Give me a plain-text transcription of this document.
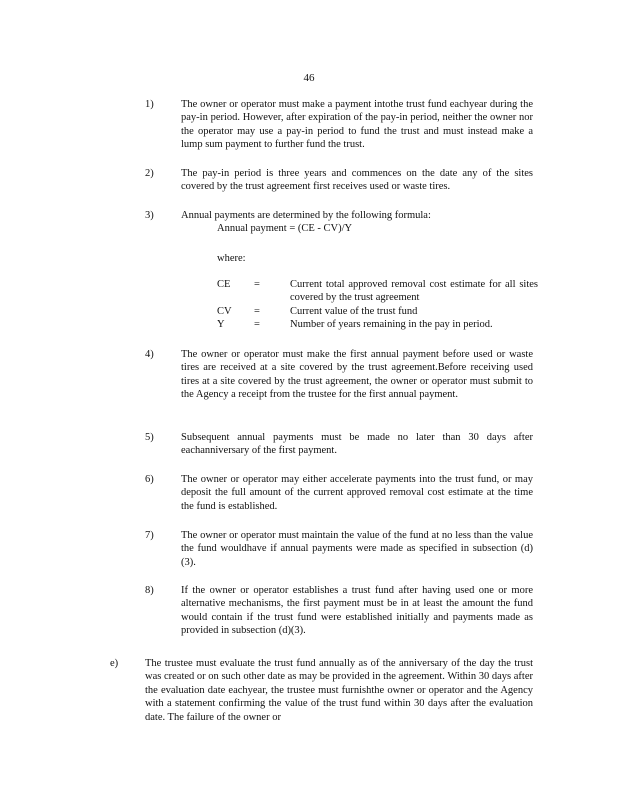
46
1)	The owner or operator must make a payment intothe trust fund eachyear during the pay-in period. However, after expiration of the pay-in period, neither the owner nor the operator may use a pay-in period to fund the trust and must instead make a lump sum payment to further fund the trust.
2)	The pay-in period is three years and commences on the date any of the sites covered by the trust agreement first receives used or waste tires.
3)	Annual payments are determined by the following formula:
Annual payment = (CE - CV)/Y
where:
CE =	Current total approved removal cost estimate for all sites covered by the trust agreement
CV =	Current value of the trust fund
Y	=	Number of years remaining in the pay in period.
4)	The owner or operator must make the first annual payment before used or waste tires are received at a site covered by the trust agreement.Before receiving used tires at a site covered by the trust agreement, the owner or operator must submit to the Agency a receipt from the trustee for the first annual payment.
5)	Subsequent annual payments must be made no later than 30 days after eachanniversary of the first payment.
6)	The owner or operator may either accelerate payments into the trust fund, or may deposit the full amount of the current approved removal cost estimate at the time the fund is established.
7)	The owner or operator must maintain the value of the fund at no less than the value the fund wouldhave if annual payments were made as specified in subsection (d)(3).
8)	If the owner or operator establishes a trust fund after having used one or more alternative mechanisms, the first payment must be in at least the amount the fund would contain if the trust fund were established initially and payments made as provided in subsection (d)(3).
e)	The trustee must evaluate the trust fund annually as of the anniversary of the day the trust was created or on such other date as may be provided in the agreement. Within 30 days after the evaluation date eachyear, the trustee must furnishthe owner or operator and the Agency with a statement confirming the value of the trust fund within 30 days after the evaluation date. The failure of the owner or
